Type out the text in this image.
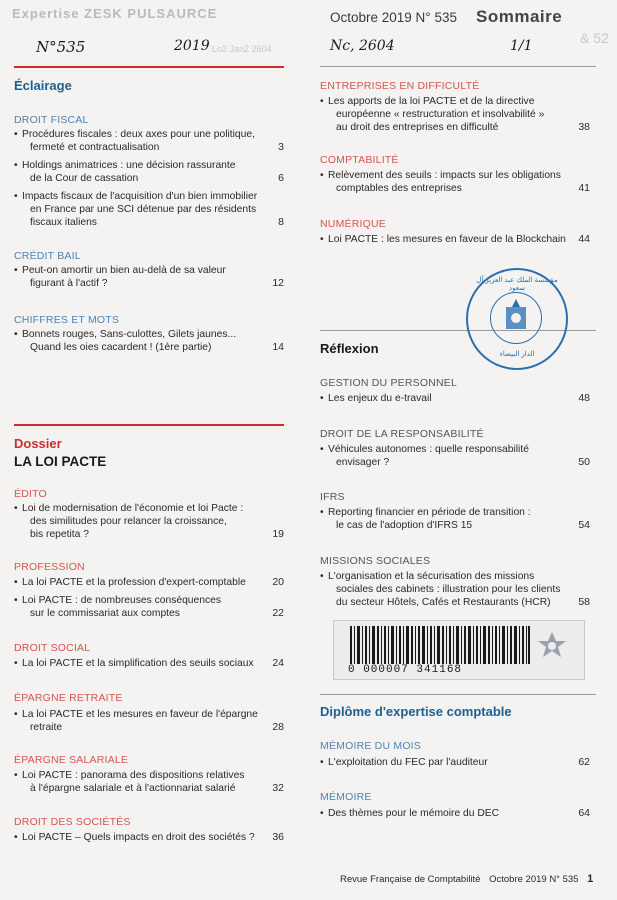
Expertise ZESK PULSAURCE
Lo2 Jan2 2604
& 52
Octobre 2019 N° 535 Sommaire
N°535	2019	Nc, 2604	1/1
Éclairage
DROIT FISCAL
• Procédures fiscales : deux axes pour une politique,
fermeté et contractualisation	3
• Holdings animatrices : une décision rassurante
de la Cour de cassation	6
• Impacts fiscaux de l'acquisition d'un bien immobilier
en France par une SCI détenue par des résidents
fiscaux italiens	8
CRÉDIT BAIL
• Peut-on amortir un bien au-delà de sa valeur
figurant à l'actif ?	12
CHIFFRES ET MOTS
• Bonnets rouges, Sans-culottes, Gilets jaunes...
Quand les oies cacardent ! (1ère partie)	14
Dossier
LA LOI PACTE
ÉDITO
• Loi de modernisation de l'économie et loi Pacte :
des similitudes pour relancer la croissance,
bis repetita ?	19
PROFESSION
• La loi PACTE et la profession d'expert-comptable	20
• Loi PACTE : de nombreuses conséquences
sur le commissariat aux comptes	22
DROIT SOCIAL
• La loi PACTE et la simplification des seuils sociaux	24
ÉPARGNE RETRAITE
• La loi PACTE et les mesures en faveur de l'épargne
retraite	28
ÉPARGNE SALARIALE
• Loi PACTE : panorama des dispositions relatives
à l'épargne salariale et à l'actionnariat salarié	32
DROIT DES SOCIÉTÉS
• Loi PACTE – Quels impacts en droit des sociétés ?	36
ENTREPRISES EN DIFFICULTÉ
• Les apports de la loi PACTE et de la directive
européenne « restructuration et insolvabilité »
au droit des entreprises en difficulté	38
COMPTABILITÉ
• Relèvement des seuils : impacts sur les obligations
comptables des entreprises	41
NUMÉRIQUE
• Loi PACTE : les mesures en faveur de la Blockchain	44
Réflexion
GESTION DU PERSONNEL
• Les enjeux du e-travail	48
DROIT DE LA RESPONSABILITÉ
• Véhicules autonomes : quelle responsabilité
envisager ?	50
IFRS
• Reporting financier en période de transition :
le cas de l'adoption d'IFRS 15	54
MISSIONS SOCIALES
• L'organisation et la sécurisation des missions
sociales des cabinets : illustration pour les clients
du secteur Hôtels, Cafés et Restaurants (HCR)	58
0 000007 341168
Diplôme d'expertise comptable
MÉMOIRE DU MOIS
• L'exploitation du FEC par l'auditeur	62
MÉMOIRE
• Des thèmes pour le mémoire du DEC	64
مؤسسة الملك عبد العزيز آل سعود
الدار البيضاء
Revue Française de Comptabilité Octobre 2019 N° 535 1
